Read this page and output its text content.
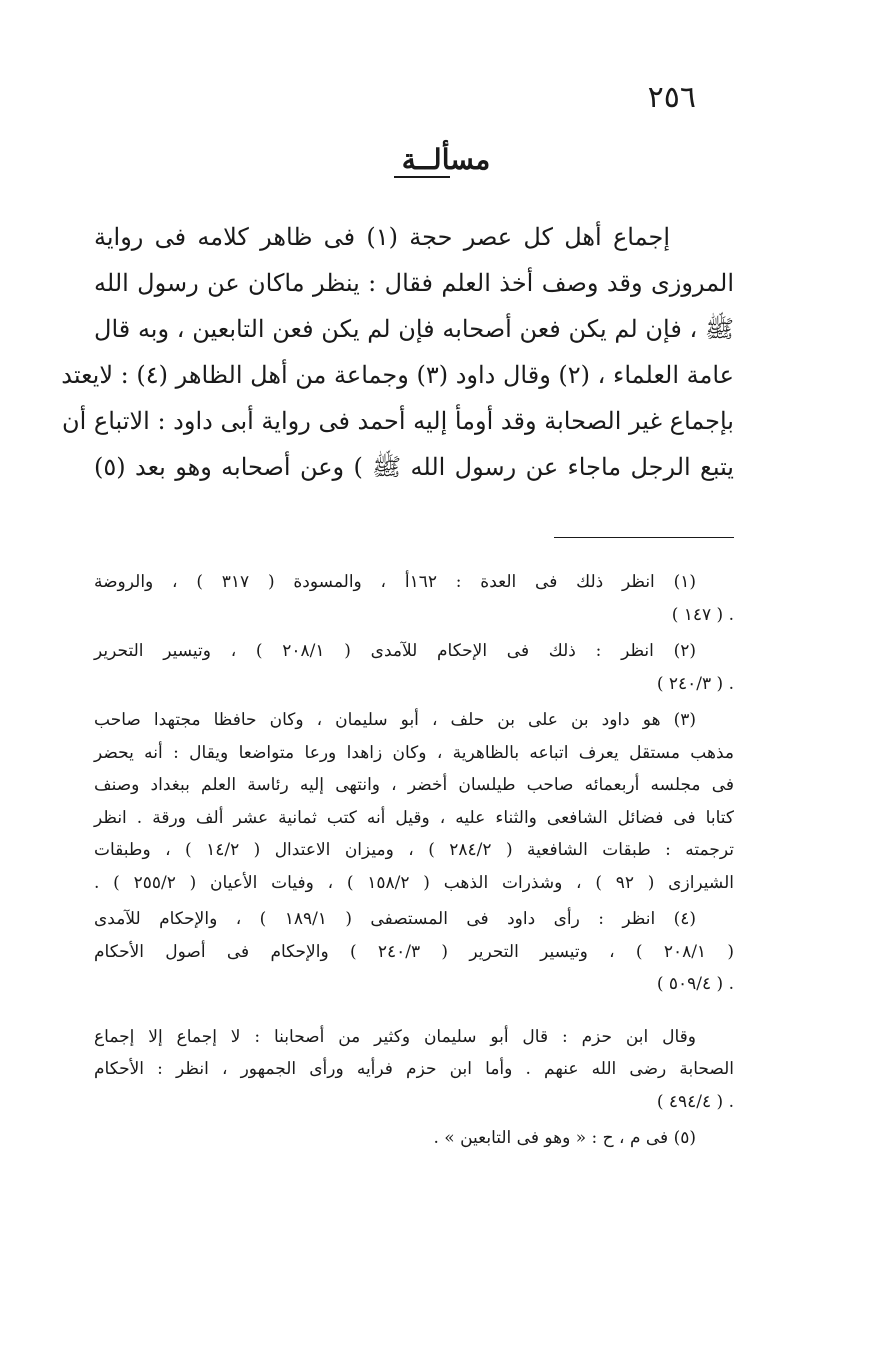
٢٥٦
مسألــة
إجماع أهل كل عصر حجة (١) فى ظاهر كلامه فى رواية
المروزى وقد وصف أخذ العلم فقال : ينظر ماكان عن رسول الله
ﷺ ، فإن لم يكن فعن أصحابه فإن لم يكن فعن التابعين ، وبه قال
عامة العلماء ، (٢) وقال داود (٣) وجماعة من أهل الظاهر (٤) : لايعتد
بإجماع غير الصحابة وقد أومأ إليه أحمد فى رواية أبى داود : الاتباع أن
يتبع الرجل ماجاء عن رسول الله ﷺ ) وعن أصحابه وهو بعد (٥)
(١) انظر ذلك فى العدة : ١٦٢أ ، والمسودة ( ٣١٧ ) ، والروضة
. ( ١٤٧ )
(٢) انظر : ذلك فى الإحكام للآمدى ( ٢٠٨/١ ) ، وتيسير التحرير
. ( ٢٤٠/٣ )
(٣) هو داود بن على بن حلف ، أبو سليمان ، وكان حافظا مجتهدا صاحب
مذهب مستقل يعرف اتباعه بالظاهرية ، وكان زاهدا ورعا متواضعا ويقال : أنه يحضر
فى مجلسه أربعمائه صاحب طيلسان أخضر ، وانتهى إليه رئاسة العلم ببغداد وصنف
كتابا فى فضائل الشافعى والثناء عليه ، وقيل أنه كتب ثمانية عشر ألف ورقة . انظر
ترجمته : طبقات الشافعية ( ٢٨٤/٢ ) ، وميزان الاعتدال ( ١٤/٢ ) ، وطبقات
الشيرازى ( ٩٢ ) ، وشذرات الذهب ( ١٥٨/٢ ) ، وفيات الأعيان ( ٢٥٥/٢ ) .
(٤) انظر : رأى داود فى المستصفى ( ١٨٩/١ ) ، والإحكام للآمدى
( ٢٠٨/١ ) ، وتيسير التحرير ( ٢٤٠/٣ ) والإحكام فى أصول الأحكام
. ( ٥٠٩/٤ )
وقال ابن حزم : قال أبو سليمان وكثير من أصحابنا : لا إجماع إلا إجماع
الصحابة رضى الله عنهم . وأما ابن حزم فرأيه ورأى الجمهور ، انظر : الأحكام
. ( ٤٩٤/٤ )
(٥) فى م ، ح : « وهو فى التابعين » .
